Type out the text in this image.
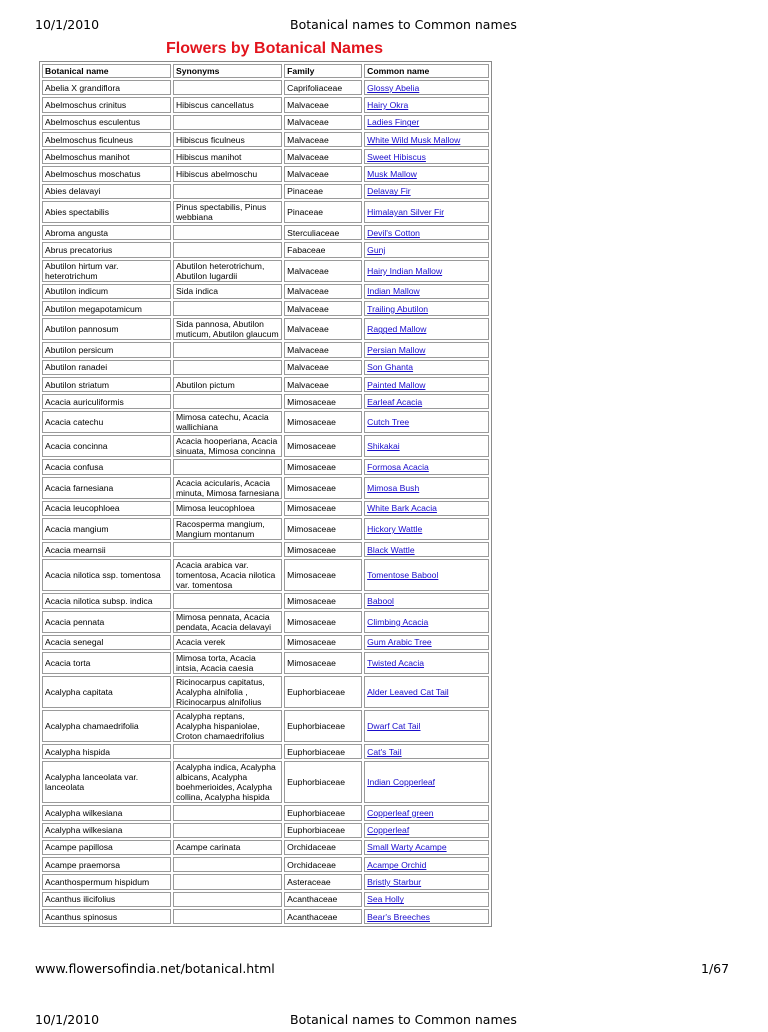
10/1/2010	Botanical names to Common names
Flowers by Botanical Names
Botanical name	Synonyms	Family	Common name
Abelia X grandiflora		Caprifoliaceae	Glossy Abelia
Abelmoschus crinitus	Hibiscus cancellatus	Malvaceae	Hairy Okra
Abelmoschus esculentus		Malvaceae	Ladies Finger
Abelmoschus ficulneus	Hibiscus ficulneus	Malvaceae	White Wild Musk Mallow
Abelmoschus manihot	Hibiscus manihot	Malvaceae	Sweet Hibiscus
Abelmoschus moschatus	Hibiscus abelmoschu	Malvaceae	Musk Mallow
Abies delavayi		Pinaceae	Delavay Fir
Abies spectabilis	Pinus spectabilis, Pinus webbiana	Pinaceae	Himalayan Silver Fir
Abroma angusta		Sterculiaceae	Devil's Cotton
Abrus precatorius		Fabaceae	Gunj
Abutilon hirtum var. heterotrichum	Abutilon heterotrichum, Abutilon lugardii	Malvaceae	Hairy Indian Mallow
Abutilon indicum	Sida indica	Malvaceae	Indian Mallow
Abutilon megapotamicum		Malvaceae	Trailing Abutilon
Abutilon pannosum	Sida pannosa, Abutilon muticum, Abutilon glaucum	Malvaceae	Ragged Mallow
Abutilon persicum		Malvaceae	Persian Mallow
Abutilon ranadei		Malvaceae	Son Ghanta
Abutilon striatum	Abutilon pictum	Malvaceae	Painted Mallow
Acacia auriculiformis		Mimosaceae	Earleaf Acacia
Acacia catechu	Mimosa catechu, Acacia wallichiana	Mimosaceae	Cutch Tree
Acacia concinna	Acacia hooperiana, Acacia sinuata, Mimosa concinna	Mimosaceae	Shikakai
Acacia confusa		Mimosaceae	Formosa Acacia
Acacia farnesiana	Acacia acicularis, Acacia minuta, Mimosa farnesiana	Mimosaceae	Mimosa Bush
Acacia leucophloea	Mimosa leucophloea	Mimosaceae	White Bark Acacia
Acacia mangium	Racosperma mangium, Mangium montanum	Mimosaceae	Hickory Wattle
Acacia mearnsii		Mimosaceae	Black Wattle
Acacia nilotica ssp. tomentosa	Acacia arabica var. tomentosa, Acacia nilotica var. tomentosa	Mimosaceae	Tomentose Babool
Acacia nilotica subsp. indica		Mimosaceae	Babool
Acacia pennata	Mimosa pennata, Acacia pendata, Acacia delavayi	Mimosaceae	Climbing Acacia
Acacia senegal	Acacia verek	Mimosaceae	Gum Arabic Tree
Acacia torta	Mimosa torta, Acacia intsia, Acacia caesia	Mimosaceae	Twisted Acacia
Acalypha capitata	Ricinocarpus capitatus, Acalypha alnifolia , Ricinocarpus alnifolius	Euphorbiaceae	Alder Leaved Cat Tail
Acalypha chamaedrifolia	Acalypha reptans, Acalypha hispaniolae, Croton chamaedrifolius	Euphorbiaceae	Dwarf Cat Tail
Acalypha hispida		Euphorbiaceae	Cat's Tail
Acalypha lanceolata var. lanceolata	Acalypha indica, Acalypha albicans, Acalypha boehmerioides, Acalypha collina, Acalypha hispida	Euphorbiaceae	Indian Copperleaf
Acalypha wilkesiana		Euphorbiaceae	Copperleaf green
Acalypha wilkesiana		Euphorbiaceae	Copperleaf
Acampe papillosa	Acampe carinata	Orchidaceae	Small Warty Acampe
Acampe praemorsa		Orchidaceae	Acampe Orchid
Acanthospermum hispidum		Asteraceae	Bristly Starbur
Acanthus ilicifolius		Acanthaceae	Sea Holly
Acanthus spinosus		Acanthaceae	Bear's Breeches
www.flowersofindia.net/botanical.html	1/67
10/1/2010	Botanical names to Common names
